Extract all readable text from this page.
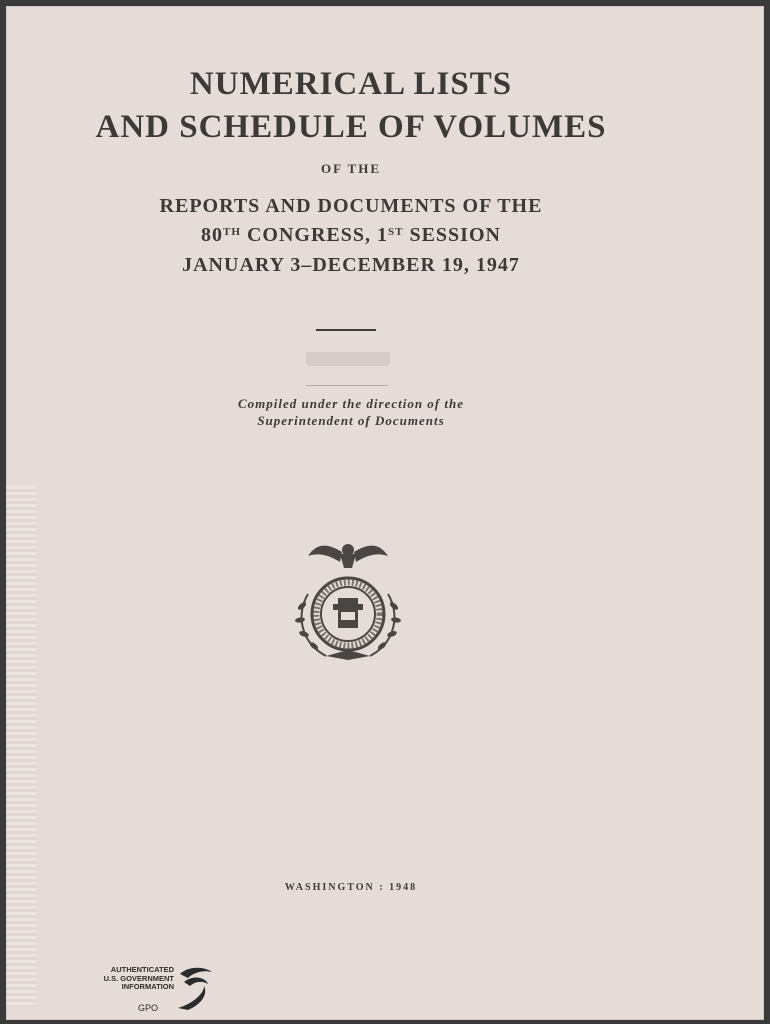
NUMERICAL LISTS
AND SCHEDULE OF VOLUMES
OF THE
REPORTS AND DOCUMENTS OF THE
80TH CONGRESS, 1ST SESSION
JANUARY 3–DECEMBER 19, 1947
Compiled under the direction of the
Superintendent of Documents
WASHINGTON : 1948
AUTHENTICATED
U.S. GOVERNMENT
INFORMATION
GPO
